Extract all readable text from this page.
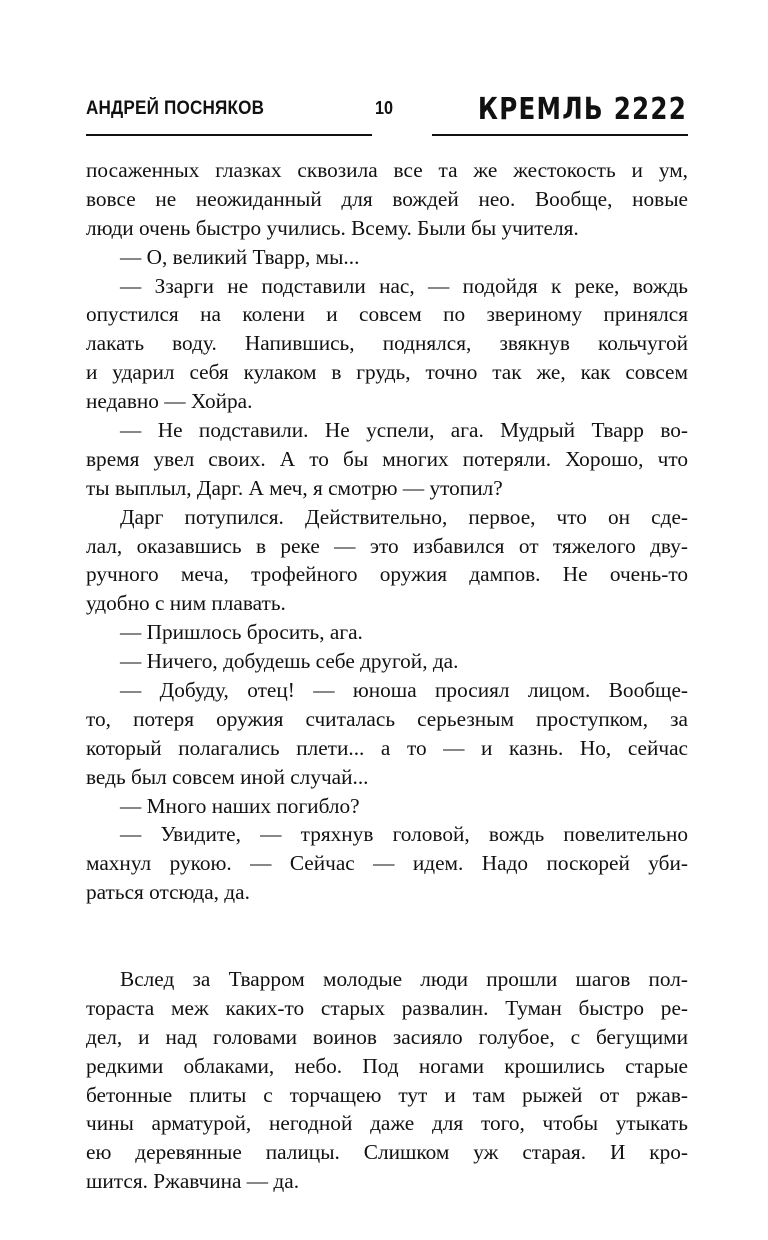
АНДРЕЙ ПОСНЯКОВ	10	КРЕМЛЬ 2222
посаженных глазках сквозила все та же жестокость и ум,
вовсе не неожиданный для вождей нео. Вообще, новые
люди очень быстро учились. Всему. Были бы учителя.
— О, великий Тварр, мы...
— Ззарги не подставили нас, — подойдя к реке, вождь
опустился на колени и совсем по звериному принялся
лакать воду. Напившись, поднялся, звякнув кольчугой
и ударил себя кулаком в грудь, точно так же, как совсем
недавно — Хойра.
— Не подставили. Не успели, ага. Мудрый Тварр во-
время увел своих. А то бы многих потеряли. Хорошо, что
ты выплыл, Дарг. А меч, я смотрю — утопил?
Дарг потупился. Действительно, первое, что он сде-
лал, оказавшись в реке — это избавился от тяжелого дву-
ручного меча, трофейного оружия дампов. Не очень-то
удобно с ним плавать.
— Пришлось бросить, ага.
— Ничего, добудешь себе другой, да.
— Добуду, отец! — юноша просиял лицом. Вообще-
то, потеря оружия считалась серьезным проступком, за
который полагались плети... а то — и казнь. Но, сейчас
ведь был совсем иной случай...
— Много наших погибло?
— Увидите, — тряхнув головой, вождь повелительно
махнул рукою. — Сейчас — идем. Надо поскорей уби-
раться отсюда, да.
Вслед за Тварром молодые люди прошли шагов пол-
тораста меж каких-то старых развалин. Туман быстро ре-
дел, и над головами воинов засияло голубое, с бегущими
редкими облаками, небо. Под ногами крошились старые
бетонные плиты с торчащею тут и там рыжей от ржав-
чины арматурой, негодной даже для того, чтобы утыкать
ею деревянные палицы. Слишком уж старая. И кро-
шится. Ржавчина — да.
